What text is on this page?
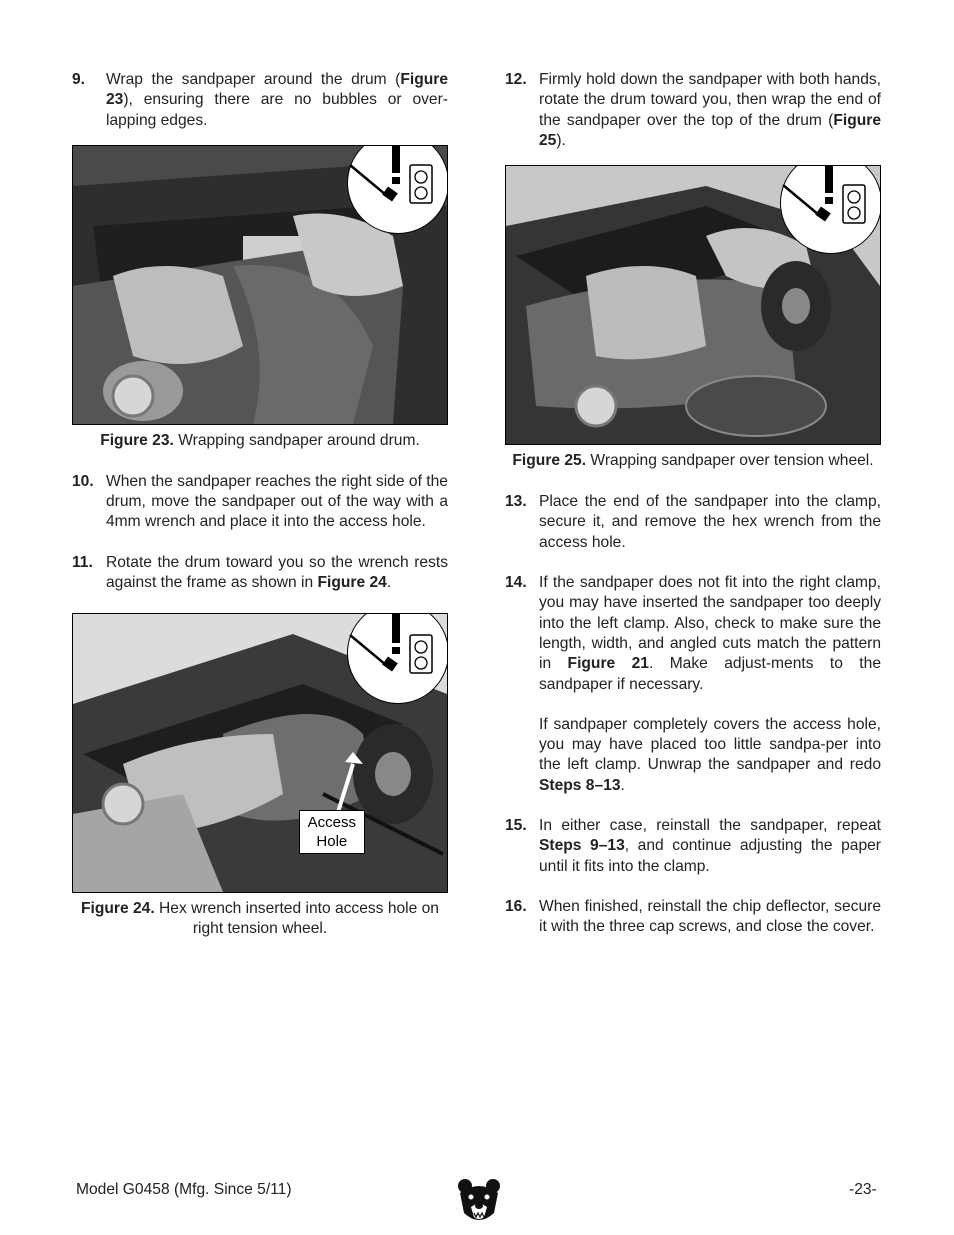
9. Wrap the sandpaper around the drum (Figure 23), ensuring there are no bubbles or over-lapping edges.
Figure 23. Wrapping sandpaper around drum.
10. When the sandpaper reaches the right side of the drum, move the sandpaper out of the way with a 4mm wrench and place it into the access hole.
11. Rotate the drum toward you so the wrench rests against the frame as shown in Figure 24.
Access
Hole
Figure 24. Hex wrench inserted into access hole on right tension wheel.
12. Firmly hold down the sandpaper with both hands, rotate the drum toward you, then wrap the end of the sandpaper over the top of the drum (Figure 25).
Figure 25. Wrapping sandpaper over tension wheel.
13. Place the end of the sandpaper into the clamp, secure it, and remove the hex wrench from the access hole.
14. If the sandpaper does not fit into the right clamp, you may have inserted the sandpaper too deeply into the left clamp. Also, check to make sure the length, width, and angled cuts match the pattern in Figure 21. Make adjust-ments to the sandpaper if necessary.
If sandpaper completely covers the access hole, you may have placed too little sandpa-per into the left clamp. Unwrap the sandpaper and redo Steps 8–13.
15. In either case, reinstall the sandpaper, repeat Steps 9–13, and continue adjusting the paper until it fits into the clamp.
16. When finished, reinstall the chip deflector, secure it with the three cap screws, and close the cover.
Model G0458 (Mfg. Since 5/11)	-23-
